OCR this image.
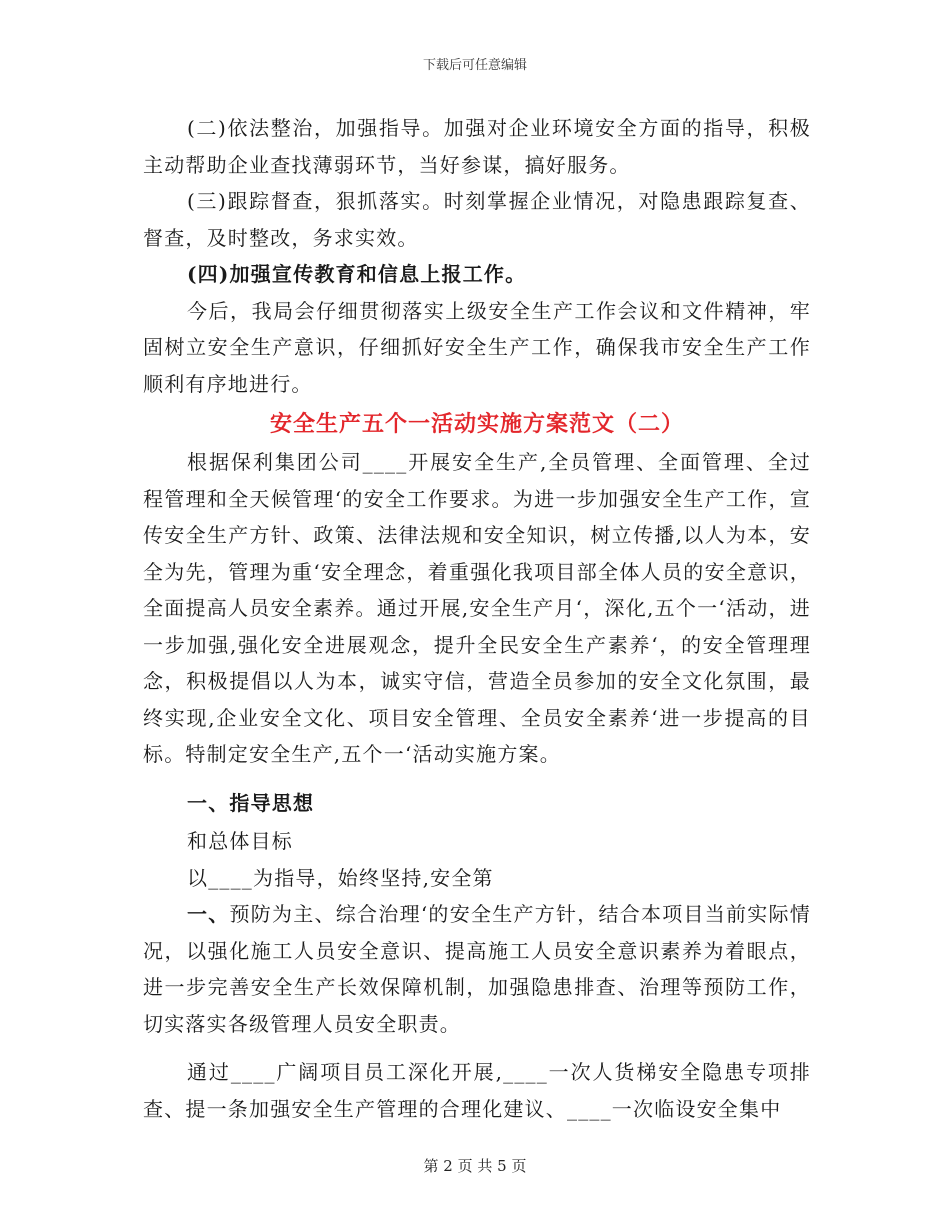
下载后可任意编辑

(二)依法整治，加强指导。加强对企业环境安全方面的指导，积极主动帮助企业查找薄弱环节，当好参谋，搞好服务。

(三)跟踪督查，狠抓落实。时刻掌握企业情况，对隐患跟踪复查、督查，及时整改，务求实效。

(四)加强宣传教育和信息上报工作。

今后，我局会仔细贯彻落实上级安全生产工作会议和文件精神，牢固树立安全生产意识，仔细抓好安全生产工作，确保我市安全生产工作顺利有序地进行。

安全生产五个一活动实施方案范文（二）

根据保利集团公司____开展安全生产,全员管理、全面管理、全过程管理和全天候管理‘的安全工作要求。为进一步加强安全生产工作，宣传安全生产方针、政策、法律法规和安全知识，树立传播,以人为本，安全为先，管理为重‘安全理念，着重强化我项目部全体人员的安全意识，全面提高人员安全素养。通过开展,安全生产月‘，深化,五个一‘活动，进一步加强,强化安全进展观念，提升全民安全生产素养‘，的安全管理理念，积极提倡以人为本，诚实守信，营造全员参加的安全文化氛围，最终实现,企业安全文化、项目安全管理、全员安全素养‘进一步提高的目标。特制定安全生产,五个一‘活动实施方案。

一、指导思想

和总体目标

以____为指导，始终坚持,安全第

一、预防为主、综合治理‘的安全生产方针，结合本项目当前实际情况，以强化施工人员安全意识、提高施工人员安全意识素养为着眼点，进一步完善安全生产长效保障机制，加强隐患排查、治理等预防工作，切实落实各级管理人员安全职责。

通过____广阔项目员工深化开展,____一次人货梯安全隐患专项排查、提一条加强安全生产管理的合理化建议、____一次临设安全集中

第 2 页 共 5 页
